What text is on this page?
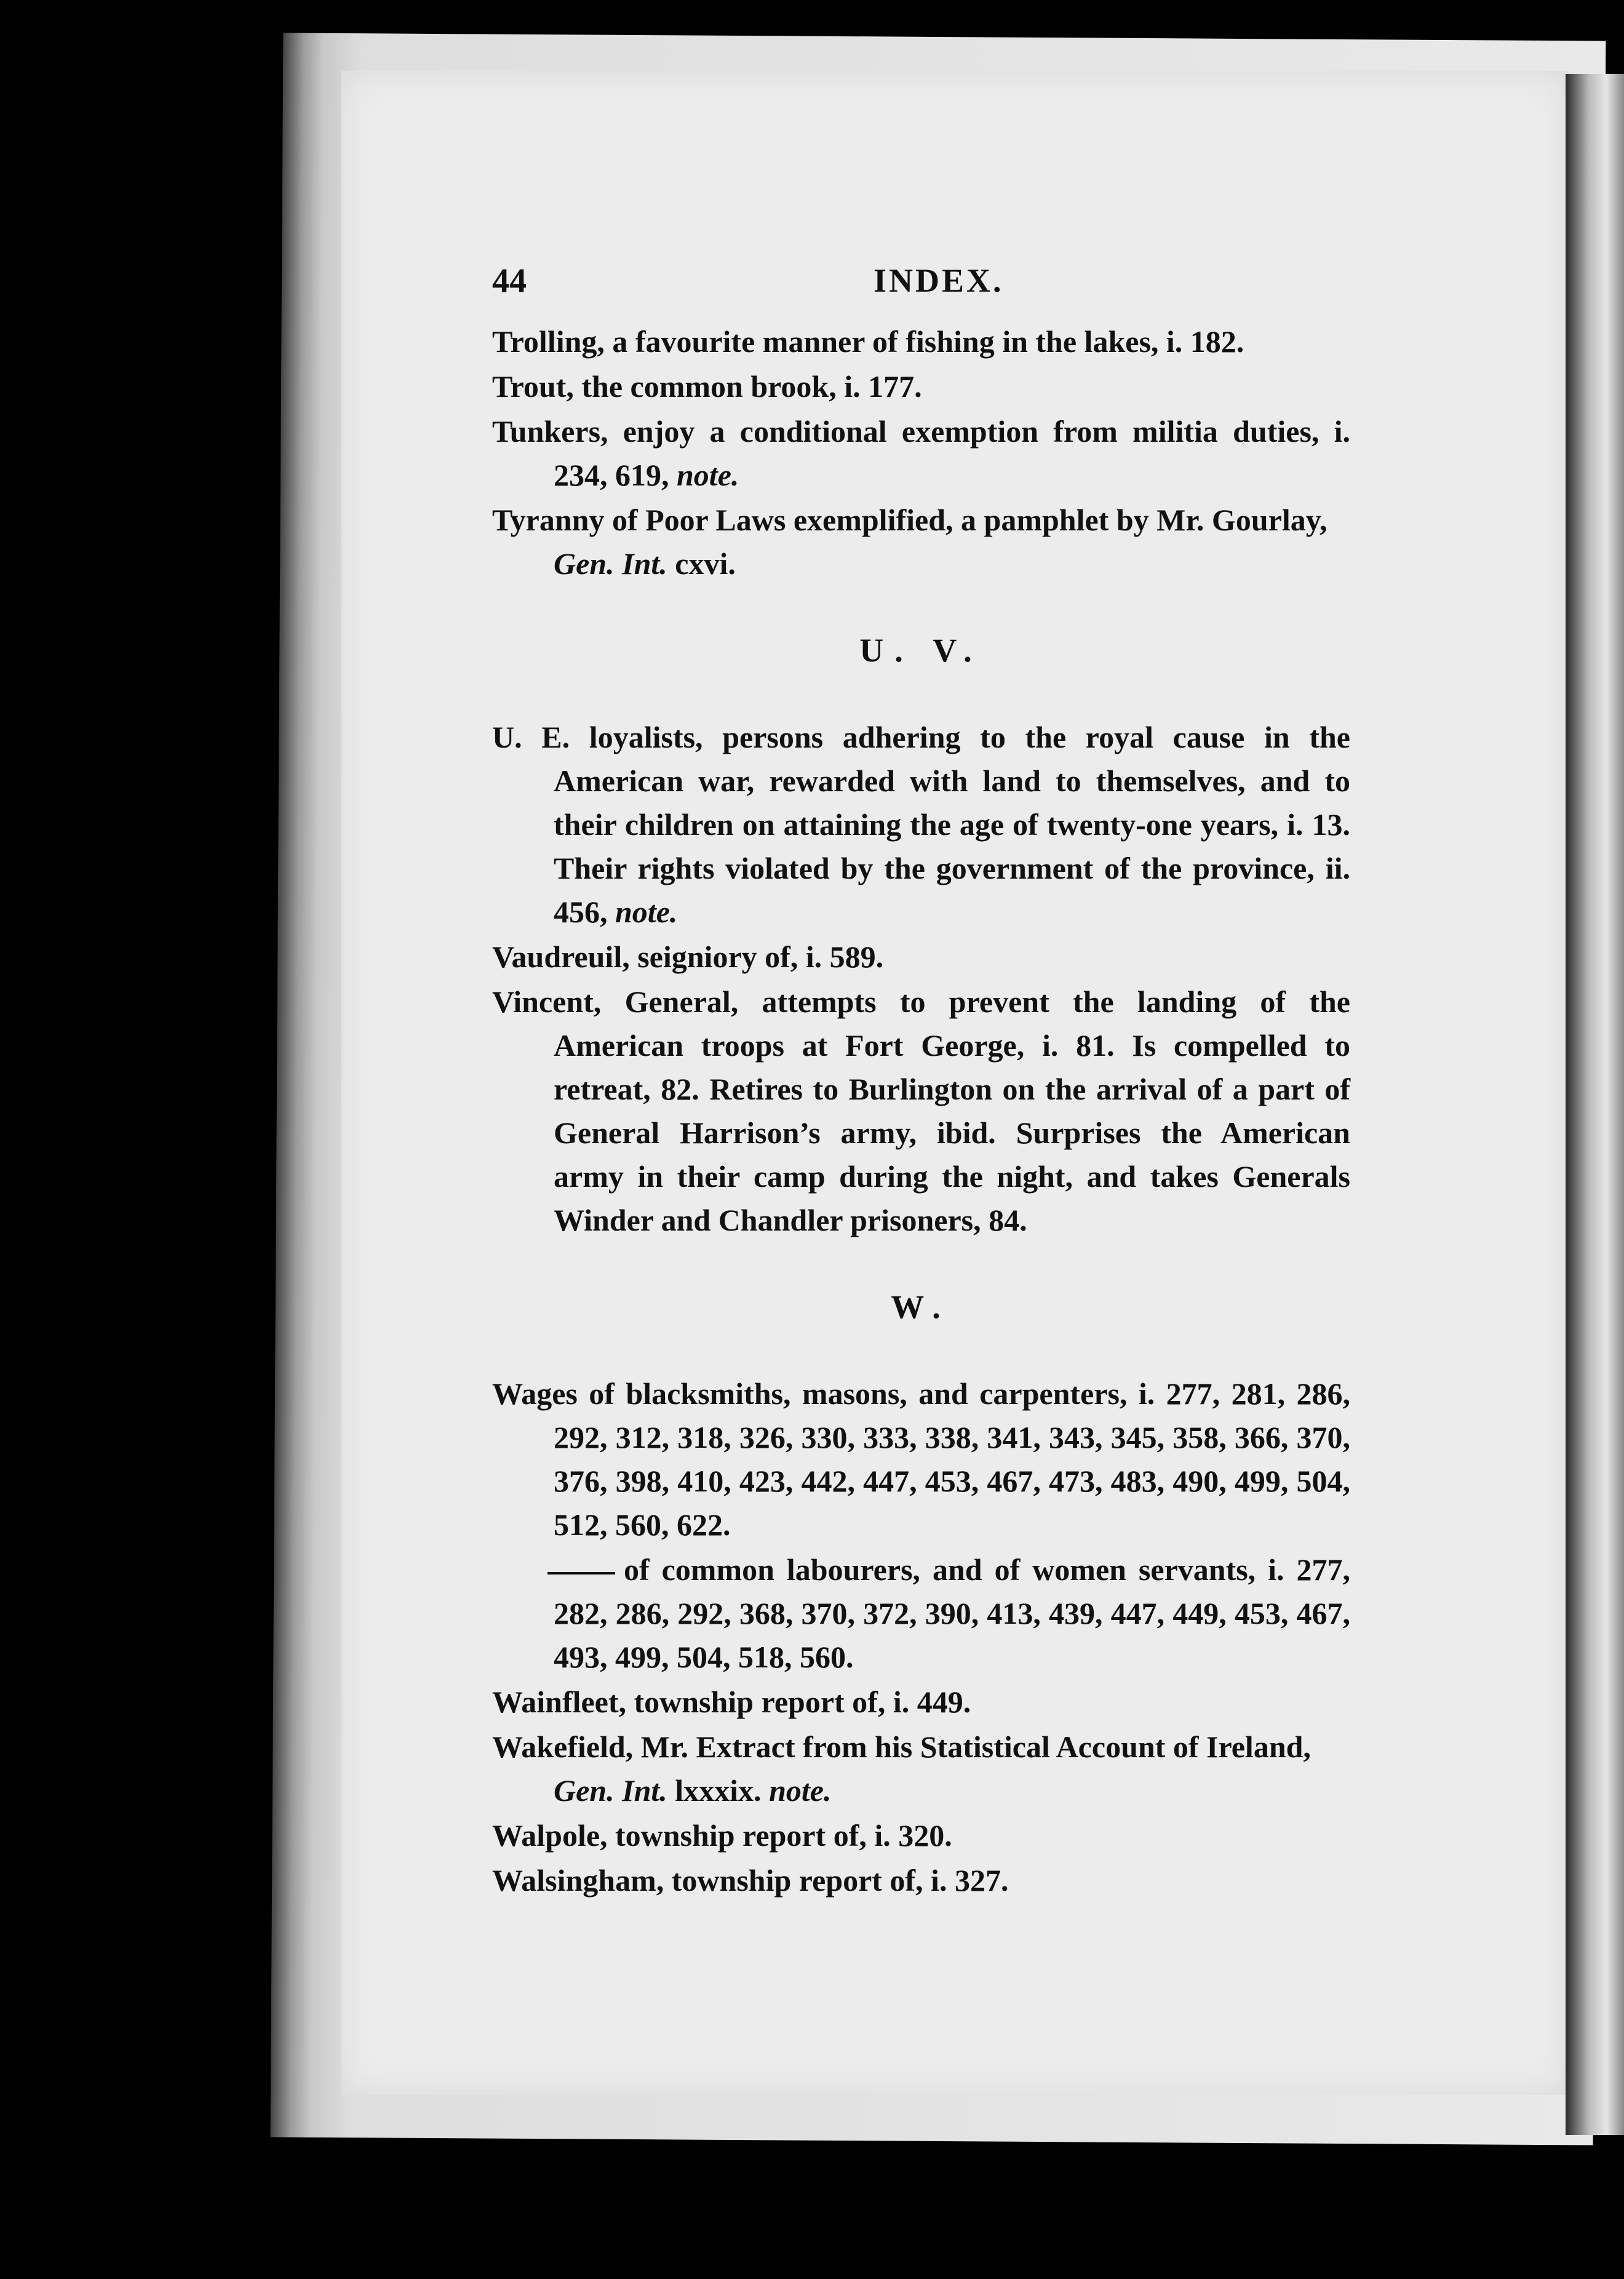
44	INDEX.

Trolling, a favourite manner of fishing in the lakes, i. 182.

Trout, the common brook, i. 177.

Tunkers, enjoy a conditional exemption from militia duties, i. 234, 619, note.

Tyranny of Poor Laws exemplified, a pamphlet by Mr. Gourlay,
Gen. Int. cxvi.

U. V.

U. E. loyalists, persons adhering to the royal cause in the American war, rewarded with land to themselves, and to their children on attaining the age of twenty-one years, i. 13. Their rights violated by the government of the province, ii. 456, note.

Vaudreuil, seigniory of, i. 589.

Vincent, General, attempts to prevent the landing of the American troops at Fort George, i. 81. Is compelled to retreat, 82. Retires to Burlington on the arrival of a part of General Harrison’s army, ibid. Surprises the American army in their camp during the night, and takes Generals Winder and Chandler prisoners, 84.

W.

Wages of blacksmiths, masons, and carpenters, i. 277, 281, 286, 292, 312, 318, 326, 330, 333, 338, 341, 343, 345, 358, 366, 370, 376, 398, 410, 423, 442, 447, 453, 467, 473, 483, 490, 499, 504, 512, 560, 622.

of common labourers, and of women servants, i. 277, 282, 286, 292, 368, 370, 372, 390, 413, 439, 447, 449, 453, 467, 493, 499, 504, 518, 560.

Wainfleet, township report of, i. 449.

Wakefield, Mr. Extract from his Statistical Account of Ireland,
Gen. Int. lxxxix. note.

Walpole, township report of, i. 320.

Walsingham, township report of, i. 327.
